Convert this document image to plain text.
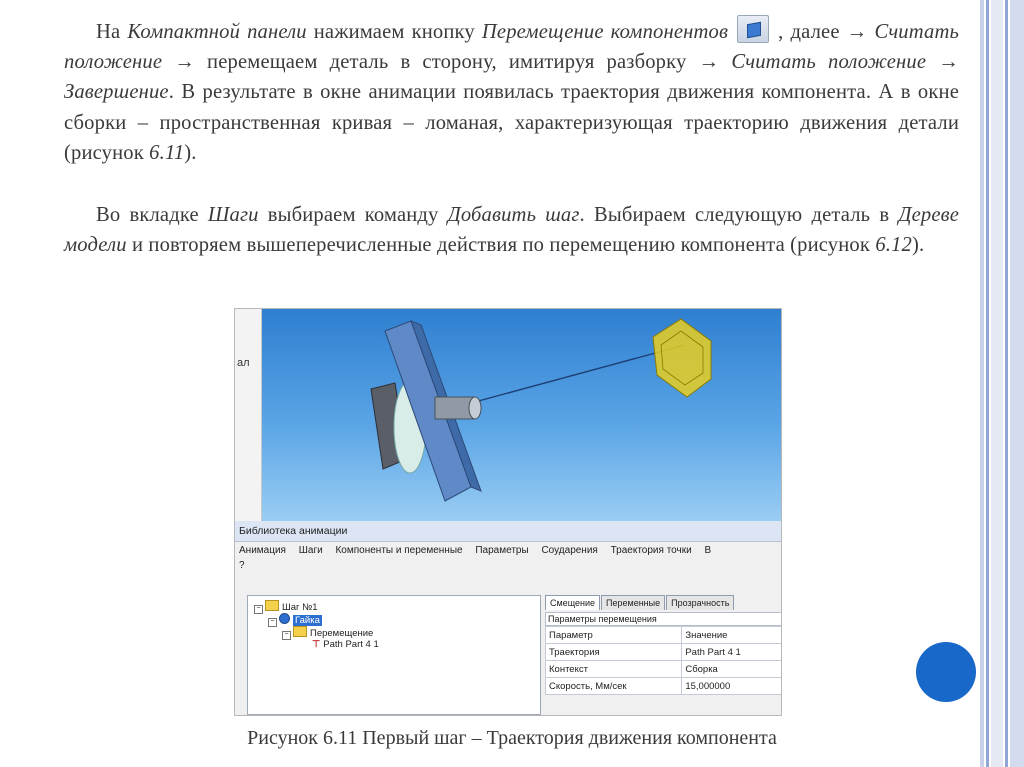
На Компактной панели нажимаем кнопку Перемещение компонентов  , далее → Считать положение → перемещаем деталь в сторону, имитируя разборку → Считать положение → Завершение. В результате в окне анимации появилась траектория движения компонента. А в окне сборки – пространственная кривая – ломаная, характеризующая траекторию движения детали (рисунок 6.11).
Во вкладке Шаги выбираем команду Добавить шаг. Выбираем следующую деталь в Дереве модели и повторяем вышеперечисленные действия по перемещению компонента (рисунок 6.12).
ал
Библиотека анимации
Анимация Шаги Компоненты и переменные Параметры Соударения Траектория точки В
?
− Шаг №1
− Гайка
− Перемещение
⊤ Path Part 4 1
Смещение Переменные Прозрачность
Параметры перемещения
Параметр	Значение
Траектория	Path Part 4 1
Контекст	Сборка
Скорость, Мм/сек	15,000000
Рисунок 6.11 Первый шаг – Траектория движения компонента
